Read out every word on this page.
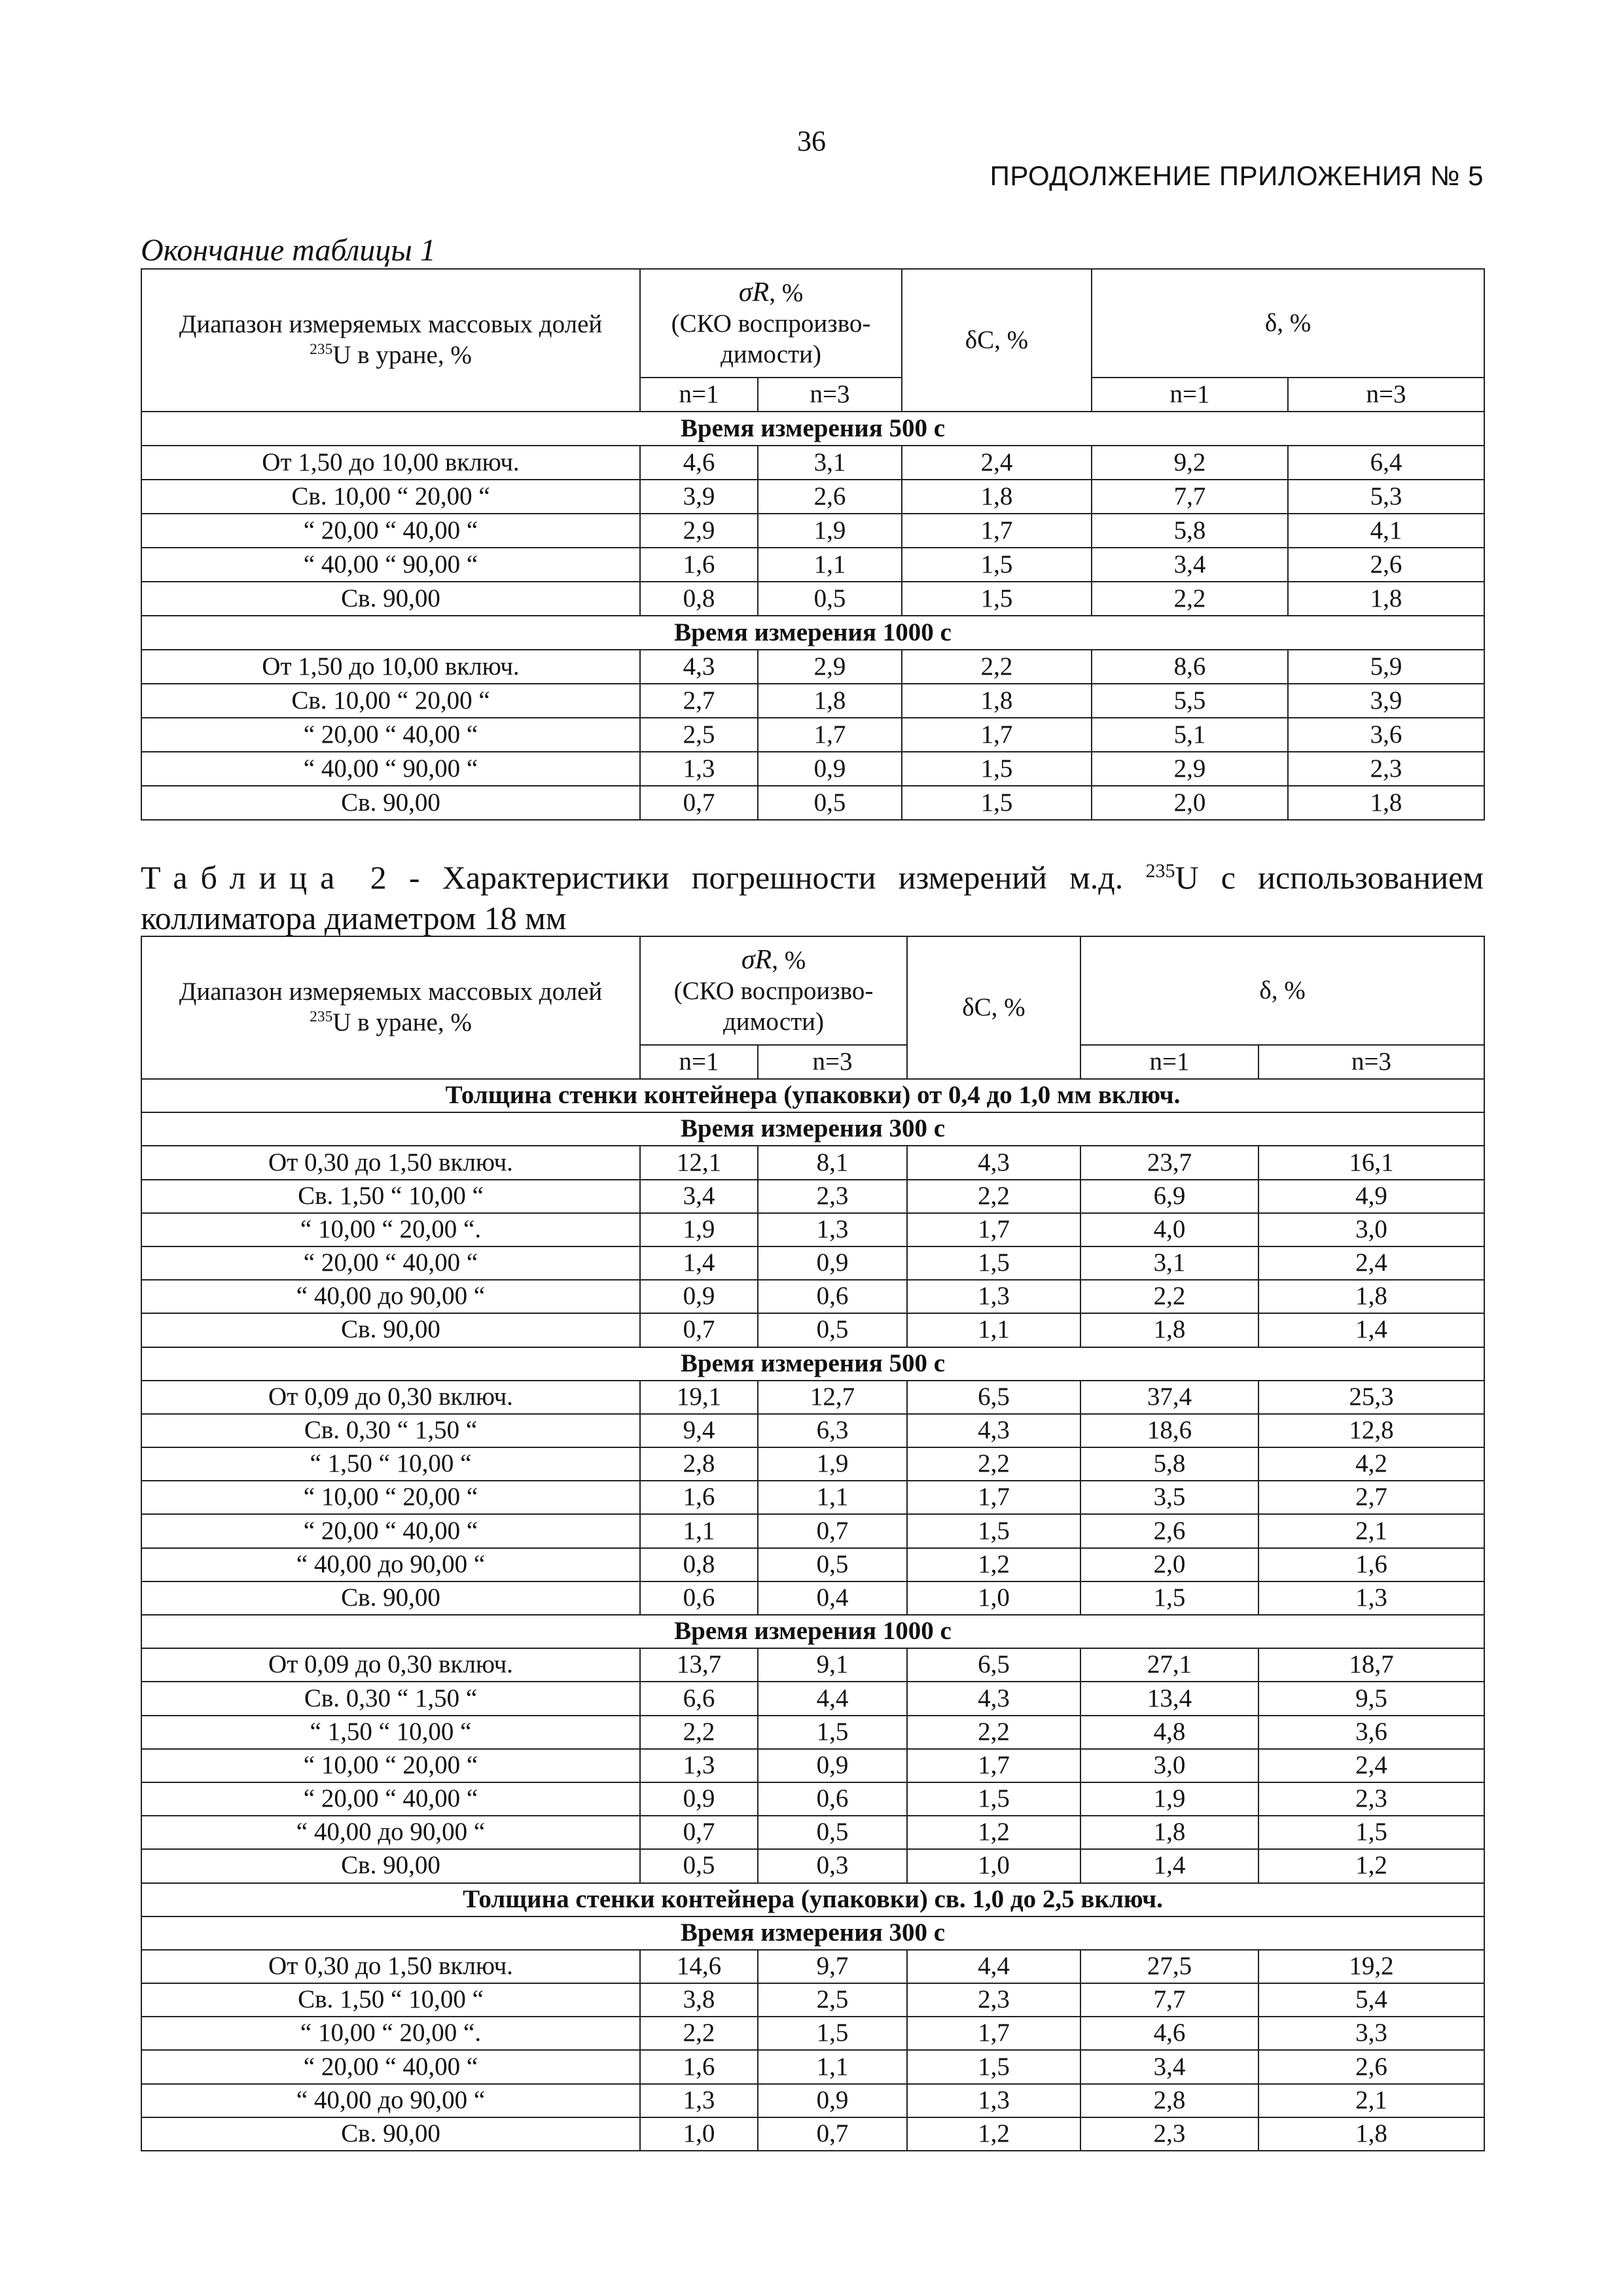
36
ПРОДОЛЖЕНИЕ ПРИЛОЖЕНИЯ № 5
Окончание таблицы 1
Диапазон измеряемых массовых долей
$^{235}$U в уране, %	σR, %
(СКО воспроизво-димости)		δC, %	δ, %	
	n=1	n=3		n=1	n=3
Время измерения 500 с					
От 1,50 до 10,00 включ.	4,6	3,1	2,4	9,2	6,4
Св. 10,00 “ 20,00 “	3,9	2,6	1,8	7,7	5,3
“ 20,00 “ 40,00 “	2,9	1,9	1,7	5,8	4,1
“ 40,00 “ 90,00 “	1,6	1,1	1,5	3,4	2,6
Св. 90,00	0,8	0,5	1,5	2,2	1,8
Время измерения 1000 с					
От 1,50 до 10,00 включ.	4,3	2,9	2,2	8,6	5,9
Св. 10,00 “ 20,00 “	2,7	1,8	1,8	5,5	3,9
“ 20,00 “ 40,00 “	2,5	1,7	1,7	5,1	3,6
“ 40,00 “ 90,00 “	1,3	0,9	1,5	2,9	2,3
Св. 90,00	0,7	0,5	1,5	2,0	1,8
Таблица 2 - Характеристики погрешности измерений м.д. $^{235}$U с использованием
коллиматора диаметром 18 мм
Диапазон измеряемых массовых долей
$^{235}$U в уране, %	σR, %
(СКО воспроизво-димости)		δC, %	δ, %	
	n=1	n=3		n=1	n=3
Толщина стенки контейнера (упаковки) от 0,4 до 1,0 мм включ.					
Время измерения 300 с					
От 0,30 до 1,50 включ.	12,1	8,1	4,3	23,7	16,1
Св. 1,50 “ 10,00 “	3,4	2,3	2,2	6,9	4,9
“ 10,00 “ 20,00 “.	1,9	1,3	1,7	4,0	3,0
“ 20,00 “ 40,00 “	1,4	0,9	1,5	3,1	2,4
“ 40,00 до 90,00 “	0,9	0,6	1,3	2,2	1,8
Св. 90,00	0,7	0,5	1,1	1,8	1,4
Время измерения 500 с					
От 0,09 до 0,30 включ.	19,1	12,7	6,5	37,4	25,3
Св. 0,30 “ 1,50 “	9,4	6,3	4,3	18,6	12,8
“ 1,50 “ 10,00 “	2,8	1,9	2,2	5,8	4,2
“ 10,00 “ 20,00 “	1,6	1,1	1,7	3,5	2,7
“ 20,00 “ 40,00 “	1,1	0,7	1,5	2,6	2,1
“ 40,00 до 90,00 “	0,8	0,5	1,2	2,0	1,6
Св. 90,00	0,6	0,4	1,0	1,5	1,3
Время измерения 1000 с					
От 0,09 до 0,30 включ.	13,7	9,1	6,5	27,1	18,7
Св. 0,30 “ 1,50 “	6,6	4,4	4,3	13,4	9,5
“ 1,50 “ 10,00 “	2,2	1,5	2,2	4,8	3,6
“ 10,00 “ 20,00 “	1,3	0,9	1,7	3,0	2,4
“ 20,00 “ 40,00 “	0,9	0,6	1,5	1,9	2,3
“ 40,00 до 90,00 “	0,7	0,5	1,2	1,8	1,5
Св. 90,00	0,5	0,3	1,0	1,4	1,2
Толщина стенки контейнера (упаковки) св. 1,0 до 2,5 включ.					
Время измерения 300 с					
От 0,30 до 1,50 включ.	14,6	9,7	4,4	27,5	19,2
Св. 1,50 “ 10,00 “	3,8	2,5	2,3	7,7	5,4
“ 10,00 “ 20,00 “.	2,2	1,5	1,7	4,6	3,3
“ 20,00 “ 40,00 “	1,6	1,1	1,5	3,4	2,6
“ 40,00 до 90,00 “	1,3	0,9	1,3	2,8	2,1
Св. 90,00	1,0	0,7	1,2	2,3	1,8
